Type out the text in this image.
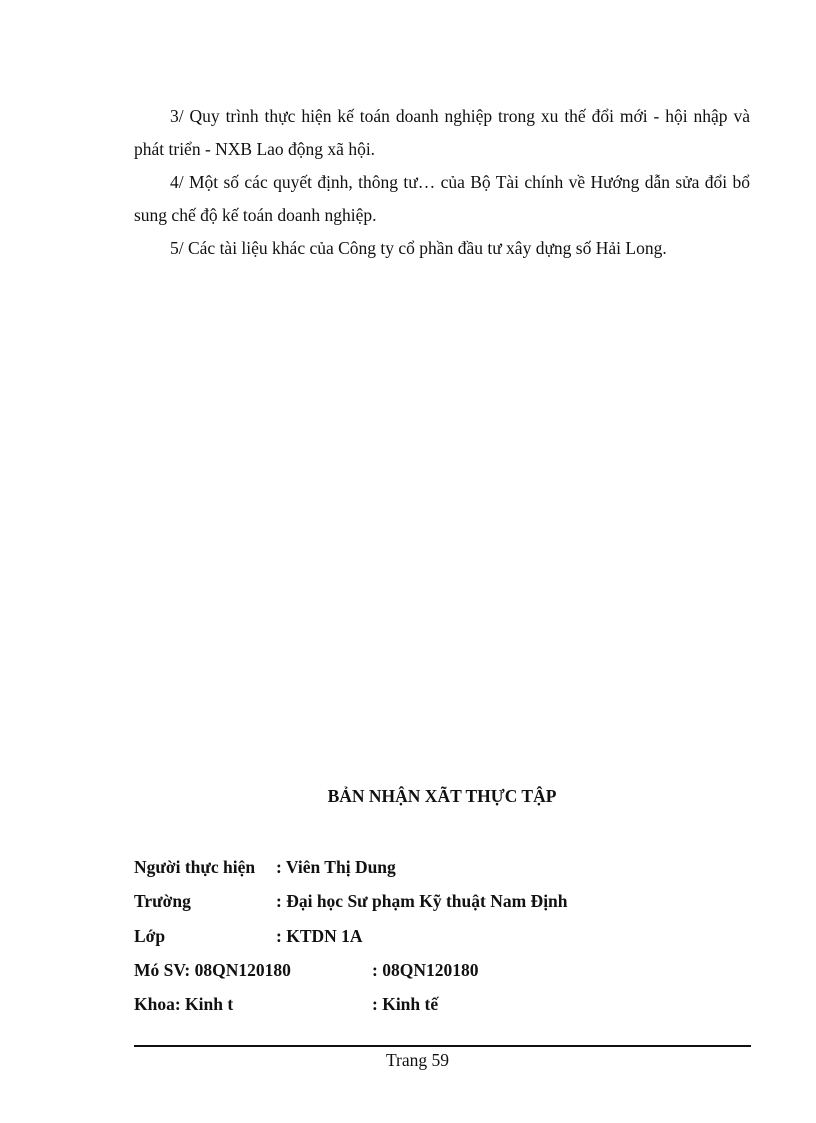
3/ Quy trình thực hiện kế toán doanh nghiệp trong xu thế đổi mới - hội nhập và phát triển - NXB Lao động xã hội.

4/ Một số các quyết định, thông tư… của Bộ Tài chính về Hướng dẫn sửa đổi bổ sung chế độ kế toán doanh nghiệp.

5/ Các tài liệu khác của Công ty cổ phần đầu tư xây dựng số Hải Long.

BẢN NHẬN XÃT THỰC TẬP
Người thực hiện : Viên Thị Dung
Trường	: Đại học Sư phạm Kỹ thuật Nam Định
Lớp	: KTDN 1A
Mó SV: 08QN120180	: 08QN120180
Khoa: Kinh t	: Kinh tế
Trang 59
